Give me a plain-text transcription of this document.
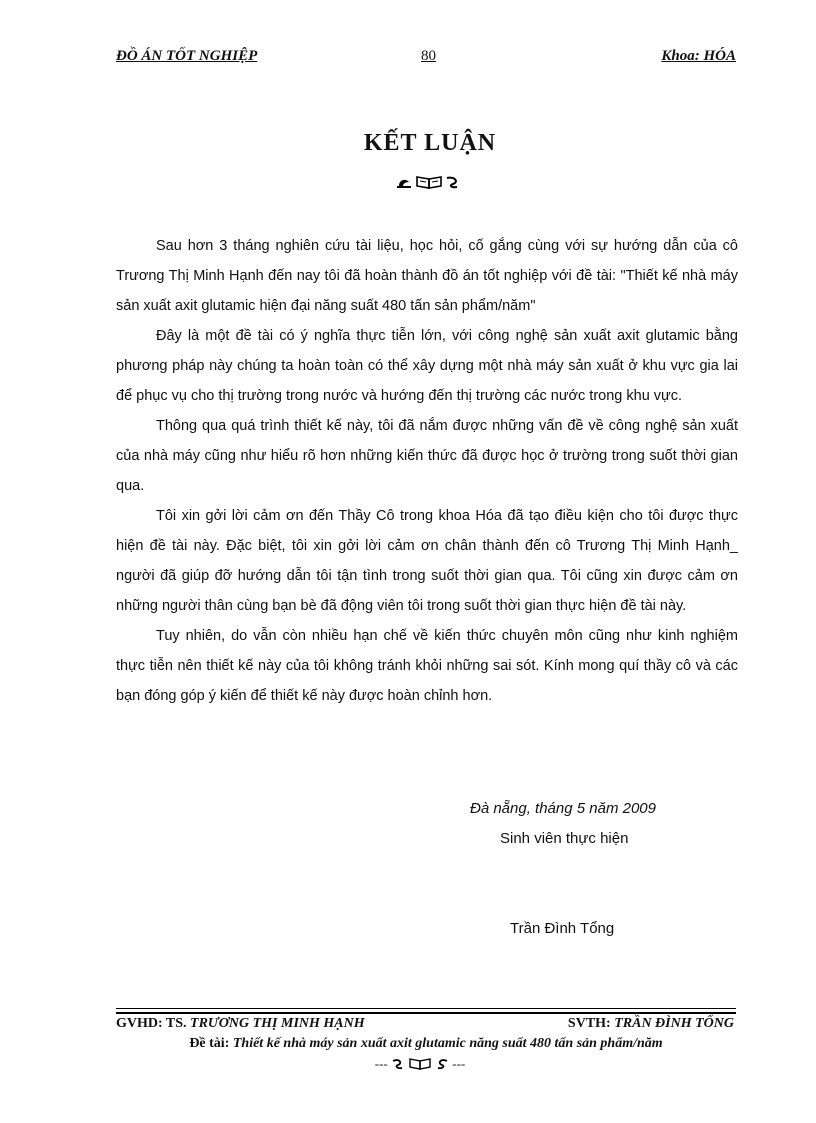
ĐỒ ÁN TỐT NGHIỆP	80	Khoa: HÓA
KẾT LUẬN

Sau hơn 3 tháng nghiên cứu tài liệu, học hỏi, cố gắng cùng với sự hướng dẫn của cô Trương Thị Minh Hạnh đến nay tôi đã hoàn thành đồ án tốt nghiệp với đề tài: "Thiết kế nhà máy sản xuất axit glutamic hiện đại năng suất 480 tấn sản phẩm/năm"

Đây là một đề tài có ý nghĩa thực tiễn lớn, với công nghệ sản xuất axit glutamic bằng phương pháp này chúng ta hoàn toàn có thể xây dựng một nhà máy sản xuất ở khu vực gia lai để phục vụ cho thị trường trong nước và hướng đến thị trường các nước trong khu vực.

Thông qua quá trình thiết kế này, tôi đã nắm được những vấn đề về công nghệ sản xuất của nhà máy cũng như hiểu rõ hơn những kiến thức đã được học ở trường trong suốt thời gian qua.

Tôi xin gởi lời cảm ơn đến Thầy Cô trong khoa Hóa đã tạo điều kiện cho tôi được thực hiện đề tài này. Đặc biệt, tôi xin gởi lời cảm ơn chân thành đến cô Trương Thị Minh Hạnh_ người đã giúp đỡ hướng dẫn tôi tận tình trong suốt thời gian qua. Tôi cũng xin được cảm ơn những người thân cùng bạn bè đã động viên tôi trong suốt thời gian thực hiện đề tài này.

Tuy nhiên, do vẫn còn nhiều hạn chế về kiến thức chuyên môn cũng như kinh nghiệm thực tiễn nên thiết kế này của tôi không tránh khỏi những sai sót. Kính mong quí thầy cô và các bạn đóng góp ý kiến để thiết kế này được hoàn chỉnh hơn.

Đà nẵng, tháng 5 năm 2009
Sinh viên thực hiện
Trần Đình Tổng
GVHD: TS. TRƯƠNG THỊ MINH HẠNH	SVTH: TRẦN ĐÌNH TỔNG
Đề tài: Thiết kế nhà máy sản xuất axit glutamic năng suất 480 tấn sản phẩm/năm
---	---
